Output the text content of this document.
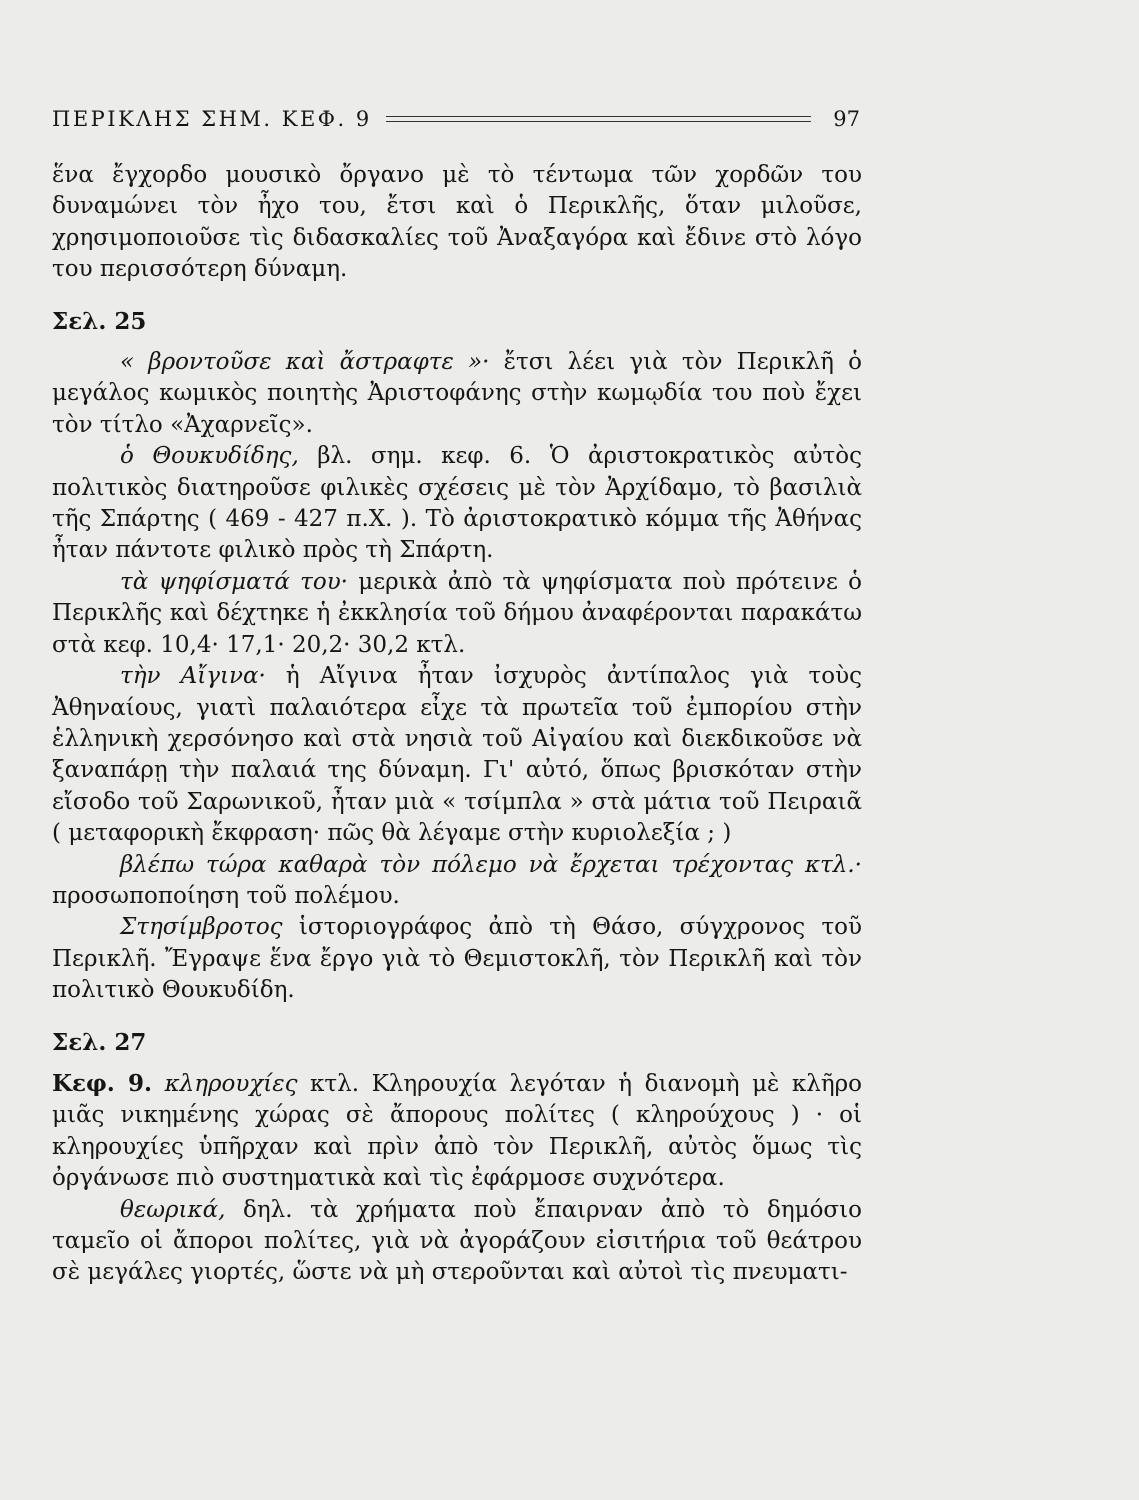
ΠΕΡΙΚΛΗΣ ΣΗΜ. ΚΕΦ. 9	97

ἕνα ἔγχορδο μουσικὸ ὄργανο μὲ τὸ τέντωμα τῶν χορδῶν του δυναμώνει τὸν ἦχο του, ἔτσι καὶ ὁ Περικλῆς, ὅταν μιλοῦσε, χρησιμοποιοῦσε τὶς διδασκαλίες τοῦ Ἀναξαγόρα καὶ ἔδινε στὸ λόγο του περισσότερη δύναμη.

Σελ. 25

« βροντοῦσε καὶ ἄστραφτε »· ἔτσι λέει γιὰ τὸν Περικλῆ ὁ μεγάλος κωμικὸς ποιητὴς Ἀριστοφάνης στὴν κωμῳδία του ποὺ ἔχει τὸν τίτλο «Ἀχαρνεῖς».

ὁ Θουκυδίδης, βλ. σημ. κεφ. 6. Ὁ ἀριστοκρατικὸς αὐτὸς πολιτικὸς διατηροῦσε φιλικὲς σχέσεις μὲ τὸν Ἀρχίδαμο, τὸ βασιλιὰ τῆς Σπάρτης ( 469 - 427 π.Χ. ). Τὸ ἀριστοκρατικὸ κόμμα τῆς Ἀθήνας ἦταν πάντοτε φιλικὸ πρὸς τὴ Σπάρτη.

τὰ ψηφίσματά του· μερικὰ ἀπὸ τὰ ψηφίσματα ποὺ πρότεινε ὁ Περικλῆς καὶ δέχτηκε ἡ ἐκκλησία τοῦ δήμου ἀναφέρονται παρακάτω στὰ κεφ. 10,4· 17,1· 20,2· 30,2 κτλ.

τὴν Αἴγινα· ἡ Αἴγινα ἦταν ἰσχυρὸς ἀντίπαλος γιὰ τοὺς Ἀθηναίους, γιατὶ παλαιότερα εἶχε τὰ πρωτεῖα τοῦ ἐμπορίου στὴν ἑλληνικὴ χερσόνησο καὶ στὰ νησιὰ τοῦ Αἰγαίου καὶ διεκδικοῦσε νὰ ξαναπάρῃ τὴν παλαιά της δύναμη. Γι' αὐτό, ὅπως βρισκόταν στὴν εἴσοδο τοῦ Σαρωνικοῦ, ἦταν μιὰ « τσίμπλα » στὰ μάτια τοῦ Πειραιᾶ ( μεταφορικὴ ἔκφραση· πῶς θὰ λέγαμε στὴν κυριολεξία ; )

βλέπω τώρα καθαρὰ τὸν πόλεμο νὰ ἔρχεται τρέχοντας κτλ.· προσωποποίηση τοῦ πολέμου.

Στησίμβροτος ἱστοριογράφος ἀπὸ τὴ Θάσο, σύγχρονος τοῦ Περικλῆ. Ἔγραψε ἕνα ἔργο γιὰ τὸ Θεμιστοκλῆ, τὸν Περικλῆ καὶ τὸν πολιτικὸ Θουκυδίδη.

Σελ. 27

Κεφ. 9. κληρουχίες κτλ. Κληρουχία λεγόταν ἡ διανομὴ μὲ κλῆρο μιᾶς νικημένης χώρας σὲ ἄπορους πολίτες ( κληρούχους ) · οἱ κληρουχίες ὑπῆρχαν καὶ πρὶν ἀπὸ τὸν Περικλῆ, αὐτὸς ὅμως τὶς ὀργάνωσε πιὸ συστηματικὰ καὶ τὶς ἐφάρμοσε συχνότερα.

θεωρικά, δηλ. τὰ χρήματα ποὺ ἔπαιρναν ἀπὸ τὸ δημόσιο ταμεῖο οἱ ἄποροι πολίτες, γιὰ νὰ ἀγοράζουν εἰσιτήρια τοῦ θεάτρου σὲ μεγάλες γιορτές, ὥστε νὰ μὴ στεροῦνται καὶ αὐτοὶ τὶς πνευματι-
